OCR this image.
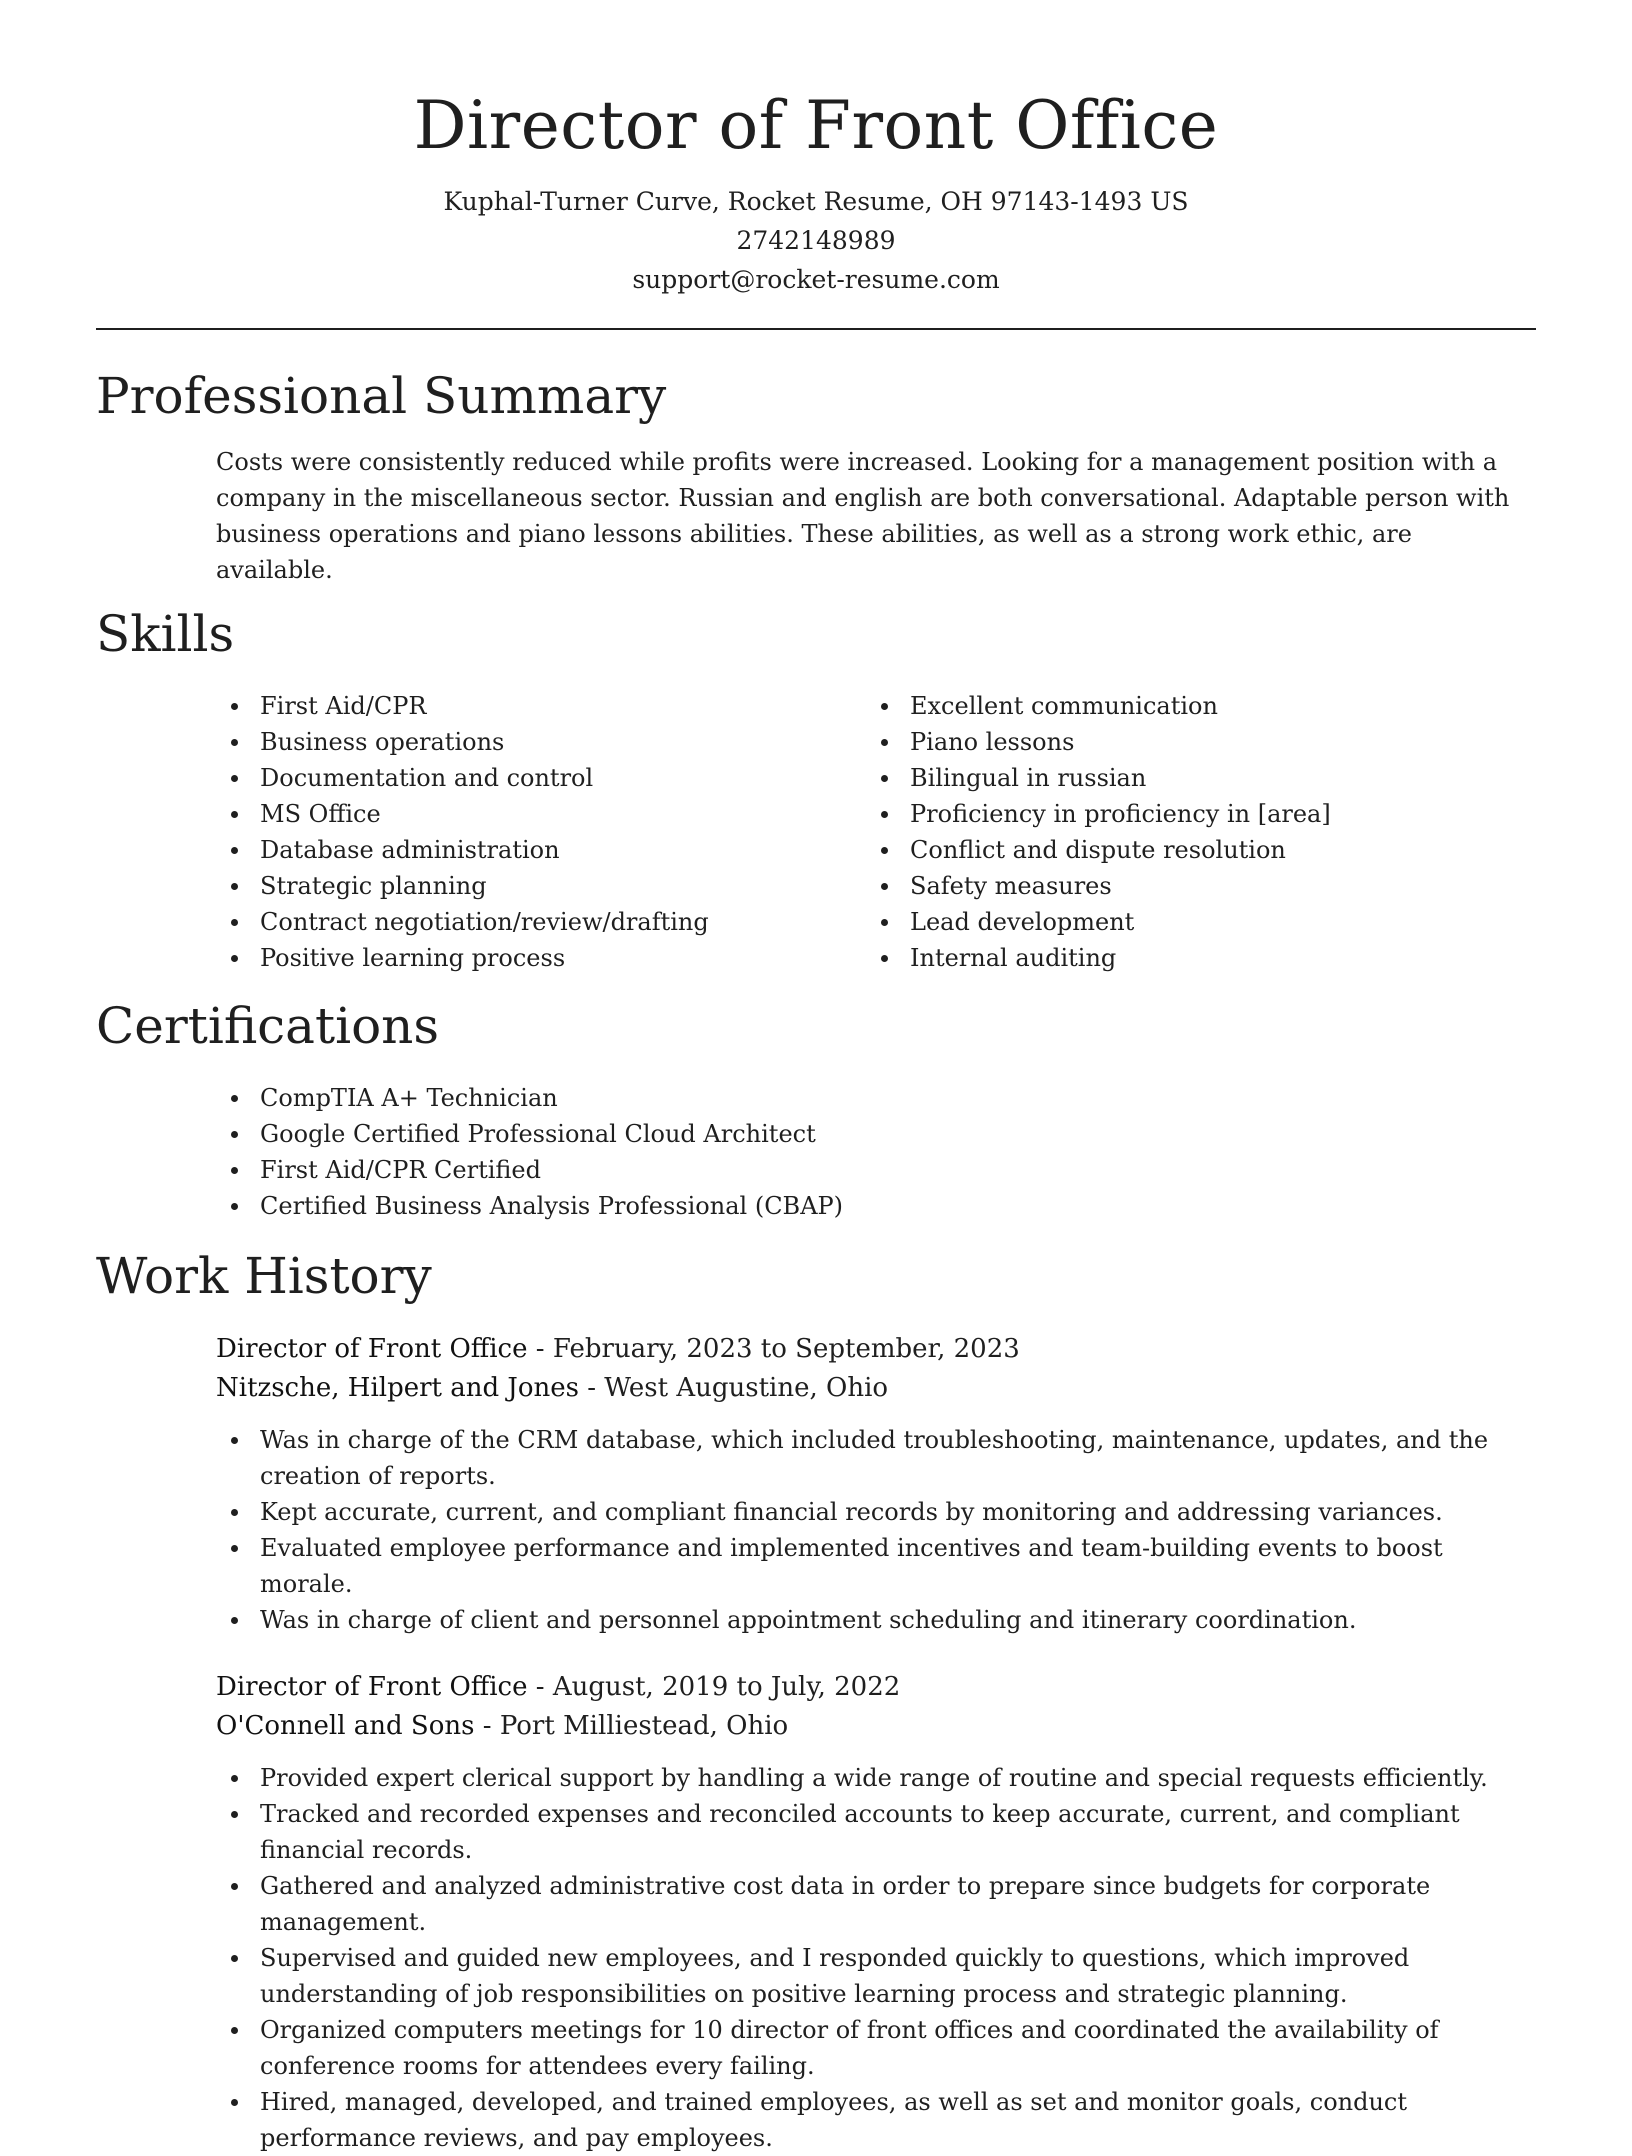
Director of Front Office
Kuphal-Turner Curve, Rocket Resume, OH 97143-1493 US
2742148989
support@rocket-resume.com
Professional Summary

Costs were consistently reduced while profits were increased. Looking for a management position with a company in the miscellaneous sector. Russian and english are both conversational. Adaptable person with business operations and piano lessons abilities. These abilities, as well as a strong work ethic, are available.

Skills
First Aid/CPR
Business operations
Documentation and control
MS Office
Database administration
Strategic planning
Contract negotiation/review/drafting
Positive learning process
Excellent communication
Piano lessons
Bilingual in russian
Proficiency in proficiency in [area]
Conflict and dispute resolution
Safety measures
Lead development
Internal auditing
Certifications
CompTIA A+ Technician
Google Certified Professional Cloud Architect
First Aid/CPR Certified
Certified Business Analysis Professional (CBAP)
Work History
Director of Front Office - February, 2023 to September, 2023
Nitzsche, Hilpert and Jones - West Augustine, Ohio
Was in charge of the CRM database, which included troubleshooting, maintenance, updates, and the creation of reports.
Kept accurate, current, and compliant financial records by monitoring and addressing variances.
Evaluated employee performance and implemented incentives and team-building events to boost morale.
Was in charge of client and personnel appointment scheduling and itinerary coordination.
Director of Front Office - August, 2019 to July, 2022
O'Connell and Sons - Port Milliestead, Ohio
Provided expert clerical support by handling a wide range of routine and special requests efficiently.
Tracked and recorded expenses and reconciled accounts to keep accurate, current, and compliant financial records.
Gathered and analyzed administrative cost data in order to prepare since budgets for corporate management.
Supervised and guided new employees, and I responded quickly to questions, which improved understanding of job responsibilities on positive learning process and strategic planning.
Organized computers meetings for 10 director of front offices and coordinated the availability of conference rooms for attendees every failing.
Hired, managed, developed, and trained employees, as well as set and monitor goals, conduct performance reviews, and pay employees.
